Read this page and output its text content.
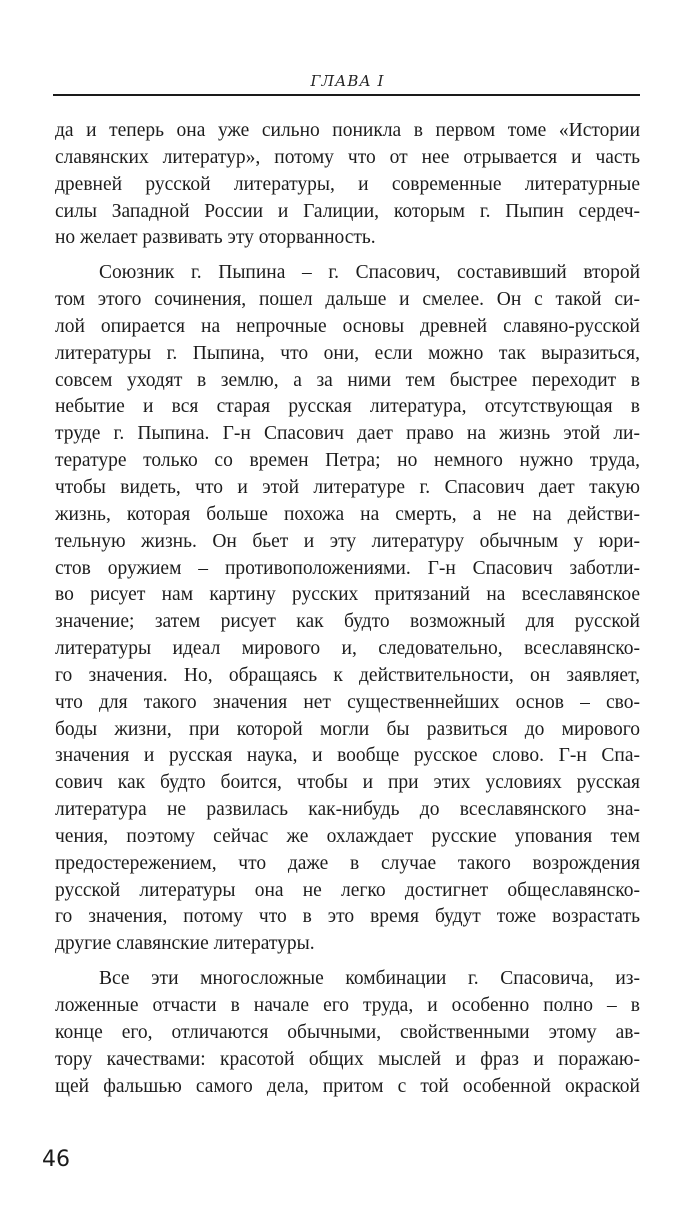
ГЛАВА I
да и теперь она уже сильно поникла в первом томе «Истории
славянских литератур», потому что от нее отрывается и часть
древней русской литературы, и современные литературные
силы Западной России и Галиции, которым г. Пыпин сердеч-
но желает развивать эту оторванность.
Союзник г. Пыпина – г. Спасович, составивший второй
том этого сочинения, пошел дальше и смелее. Он с такой си-
лой опирается на непрочные основы древней славяно-русской
литературы г. Пыпина, что они, если можно так выразиться,
совсем уходят в землю, а за ними тем быстрее переходит в
небытие и вся старая русская литература, отсутствующая в
труде г. Пыпина. Г-н Спасович дает право на жизнь этой ли-
тературе только со времен Петра; но немного нужно труда,
чтобы видеть, что и этой литературе г. Спасович дает такую
жизнь, которая больше похожа на смерть, а не на действи-
тельную жизнь. Он бьет и эту литературу обычным у юри-
стов оружием – противоположениями. Г-н Спасович заботли-
во рисует нам картину русских притязаний на всеславянское
значение; затем рисует как будто возможный для русской
литературы идеал мирового и, следовательно, всеславянско-
го значения. Но, обращаясь к действительности, он заявляет,
что для такого значения нет существеннейших основ – сво-
боды жизни, при которой могли бы развиться до мирового
значения и русская наука, и вообще русское слово. Г-н Спа-
сович как будто боится, чтобы и при этих условиях русская
литература не развилась как-нибудь до всеславянского зна-
чения, поэтому сейчас же охлаждает русские упования тем
предостережением, что даже в случае такого возрождения
русской литературы она не легко достигнет общеславянско-
го значения, потому что в это время будут тоже возрастать
другие славянские литературы.
Все эти многосложные комбинации г. Спасовича, из-
ложенные отчасти в начале его труда, и особенно полно – в
конце его, отличаются обычными, свойственными этому ав-
тору качествами: красотой общих мыслей и фраз и поражаю-
щей фальшью самого дела, притом с той особенной окраской
46
